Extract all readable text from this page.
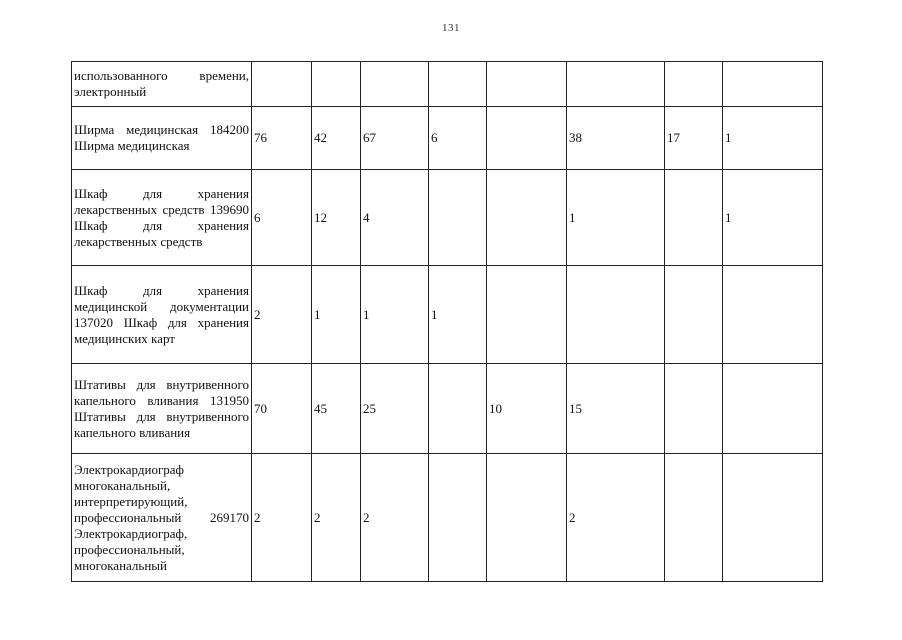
131
использованного времени, электронный								

Ширма медицинская 184200 Ширма медицинская	76	42	67	6		38	17	1

Шкаф для хранения лекарственных средств 139690 Шкаф для хранения лекарственных средств	6	12	4			1		1

Шкаф для хранения медицинской документации 137020 Шкаф для хранения медицинских карт	2	1	1	1				

Штативы для внутривенного капельного вливания 131950 Штативы для внутривенного капельного вливания	70	45	25		10	15		

Электрокардиограф многоканальный, интерпретирующий, профессиональный 269170 Электрокардиограф, профессиональный, многоканальный	2	2	2			2		
